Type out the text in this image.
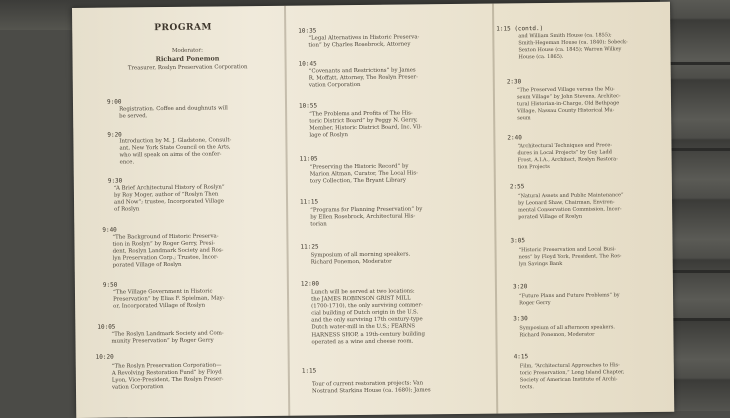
PROGRAM
Moderator:
Richard Ponemon
Treasurer, Roslyn Preservation Corporation
9:00
Registration. Coffee and doughnuts will
be served.
9:20
Introduction by M. J. Gladstone, Consult-
ant, New York State Council on the Arts,
who will speak on aims of the confer-
ence.
9:30
“A Brief Architectural History of Roslyn”
by Roy Moger, author of “Roslyn Then
and Now”; trustee, Incorporated Village
of Roslyn
9:40
“The Background of Historic Preserva-
tion in Roslyn” by Roger Gerry, Presi-
dent, Roslyn Landmark Society and Ros-
lyn Preservation Corp.; Trustee, Incor-
porated Village of Roslyn
9:50
“The Village Government in Historic
Preservation” by Elias F. Spielman, May-
or, Incorporated Village of Roslyn
10:05
“The Roslyn Landmark Society and Com-
munity Preservation” by Roger Gerry
10:20
“The Roslyn Preservation Corporation—
A Revolving Restoration Fund” by Floyd
Lyon, Vice-President, The Roslyn Preser-
vation Corporation
10:35
“Legal Alternatives in Historic Preserva-
tion” by Charles Rosebrock, Attorney
10:45
“Covenants and Restrictions” by James
R. Moffatt, Attorney, The Roslyn Preser-
vation Corporation
10:55
“The Problems and Profits of The His-
toric District Board” by Peggy N. Gerry,
Member, Historic District Board, Inc. Vil-
lage of Roslyn
11:05
“Preserving the Historic Record” by
Marion Altman, Curator, The Local His-
tory Collection, The Bryant Library
11:15
“Programs for Planning Preservation” by
by Ellen Rosebrock, Architectural His-
torian
11:25
Symposium of all morning speakers.
Richard Ponemon, Moderator
12:00
Lunch will be served at two locations:
the JAMES ROBINSON GRIST MILL
(1700-1710), the only surviving commer-
cial building of Dutch origin in the U.S.
and the only surviving 17th century-type
Dutch water-mill in the U.S.; FEARNS
HARNESS SHOP, a 19th-century building
operated as a wine and cheese room.
1:15
Tour of current restoration projects: Van
Nostrand Starkins House (ca. 1680); James
1:15 (contd.)
and William Smith House (ca. 1855);
Smith-Hegeman House (ca. 1840); Sobeck-
Sexton House (ca. 1845); Warren Wilkey
House (ca. 1865).
2:30
“The Preserved Village versus the Mu-
seum Village” by John Stevens, Architec-
tural Historian-in-Charge, Old Bethpage
Village, Nassau County Historical Mu-
seum
2:40
“Architectural Techniques and Proce-
dures in Local Projects” by Guy Ladd
Frost, A.I.A., Architect, Roslyn Restora-
tion Projects
2:55
“Natural Assets and Public Maintenance”
by Leonard Shaw, Chairman, Environ-
mental Conservation Commission, Incor-
porated Village of Roslyn
3:05
“Historic Preservation and Local Busi-
ness” by Floyd York, President, The Ros-
lyn Savings Bank
3:20
“Future Plans and Future Problems” by
Roger Gerry
3:30
Symposium of all afternoon speakers.
Richard Ponemon, Moderator
4:15
Film, “Architectural Approaches to His-
toric Preservation,” Long Island Chapter,
Society of American Institute of Archi-
tects.
